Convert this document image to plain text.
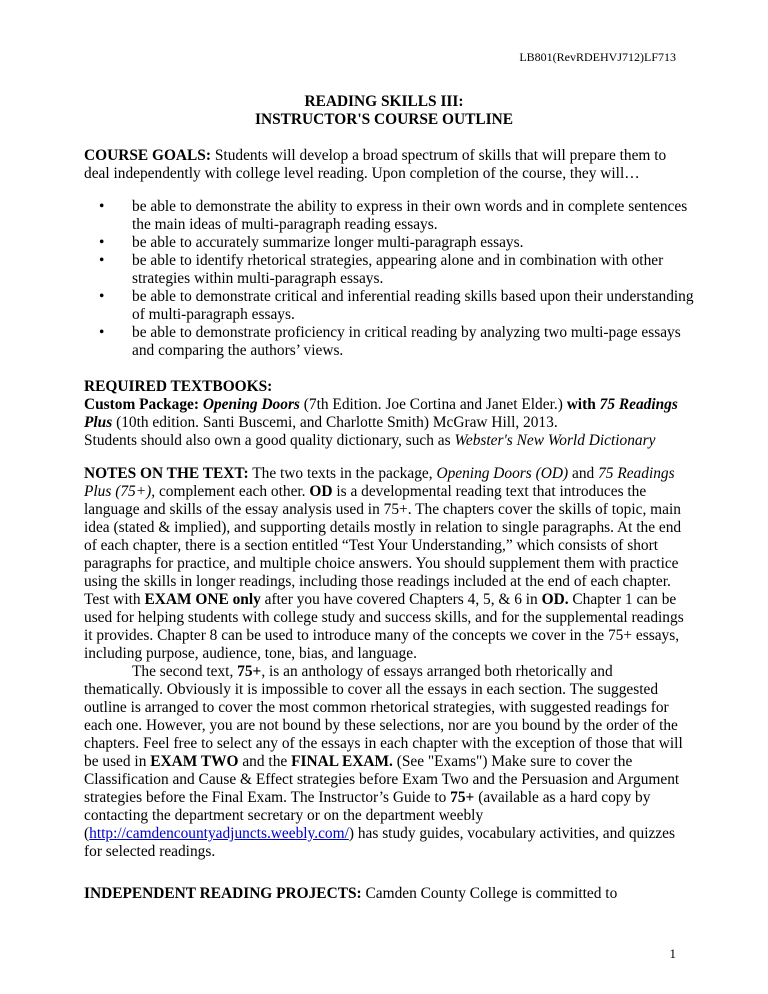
LB801(RevRDEHVJ712)LF713
READING SKILLS III:
INSTRUCTOR'S COURSE OUTLINE
COURSE GOALS: Students will develop a broad spectrum of skills that will prepare them to deal independently with college level reading. Upon completion of the course, they will…
• be able to demonstrate the ability to express in their own words and in complete sentences the main ideas of multi-paragraph reading essays.
• be able to accurately summarize longer multi-paragraph essays.
• be able to identify rhetorical strategies, appearing alone and in combination with other strategies within multi-paragraph essays.
• be able to demonstrate critical and inferential reading skills based upon their understanding of multi-paragraph essays.
• be able to demonstrate proficiency in critical reading by analyzing two multi-page essays and comparing the authors’ views.
REQUIRED TEXTBOOKS:
Custom Package: Opening Doors (7th Edition. Joe Cortina and Janet Elder.) with 75 Readings Plus (10th edition. Santi Buscemi, and Charlotte Smith) McGraw Hill, 2013.
Students should also own a good quality dictionary, such as Webster's New World Dictionary
NOTES ON THE TEXT: The two texts in the package, Opening Doors (OD) and 75 Readings Plus (75+), complement each other. OD is a developmental reading text that introduces the language and skills of the essay analysis used in 75+. The chapters cover the skills of topic, main idea (stated & implied), and supporting details mostly in relation to single paragraphs. At the end of each chapter, there is a section entitled “Test Your Understanding,” which consists of short paragraphs for practice, and multiple choice answers. You should supplement them with practice using the skills in longer readings, including those readings included at the end of each chapter. Test with EXAM ONE only after you have covered Chapters 4, 5, & 6 in OD. Chapter 1 can be used for helping students with college study and success skills, and for the supplemental readings it provides. Chapter 8 can be used to introduce many of the concepts we cover in the 75+ essays, including purpose, audience, tone, bias, and language.
The second text, 75+, is an anthology of essays arranged both rhetorically and thematically. Obviously it is impossible to cover all the essays in each section. The suggested outline is arranged to cover the most common rhetorical strategies, with suggested readings for each one. However, you are not bound by these selections, nor are you bound by the order of the chapters. Feel free to select any of the essays in each chapter with the exception of those that will be used in EXAM TWO and the FINAL EXAM. (See "Exams") Make sure to cover the Classification and Cause & Effect strategies before Exam Two and the Persuasion and Argument strategies before the Final Exam. The Instructor’s Guide to 75+ (available as a hard copy by contacting the department secretary or on the department weebly (http://camdencountyadjuncts.weebly.com/) has study guides, vocabulary activities, and quizzes for selected readings.
INDEPENDENT READING PROJECTS: Camden County College is committed to
1
